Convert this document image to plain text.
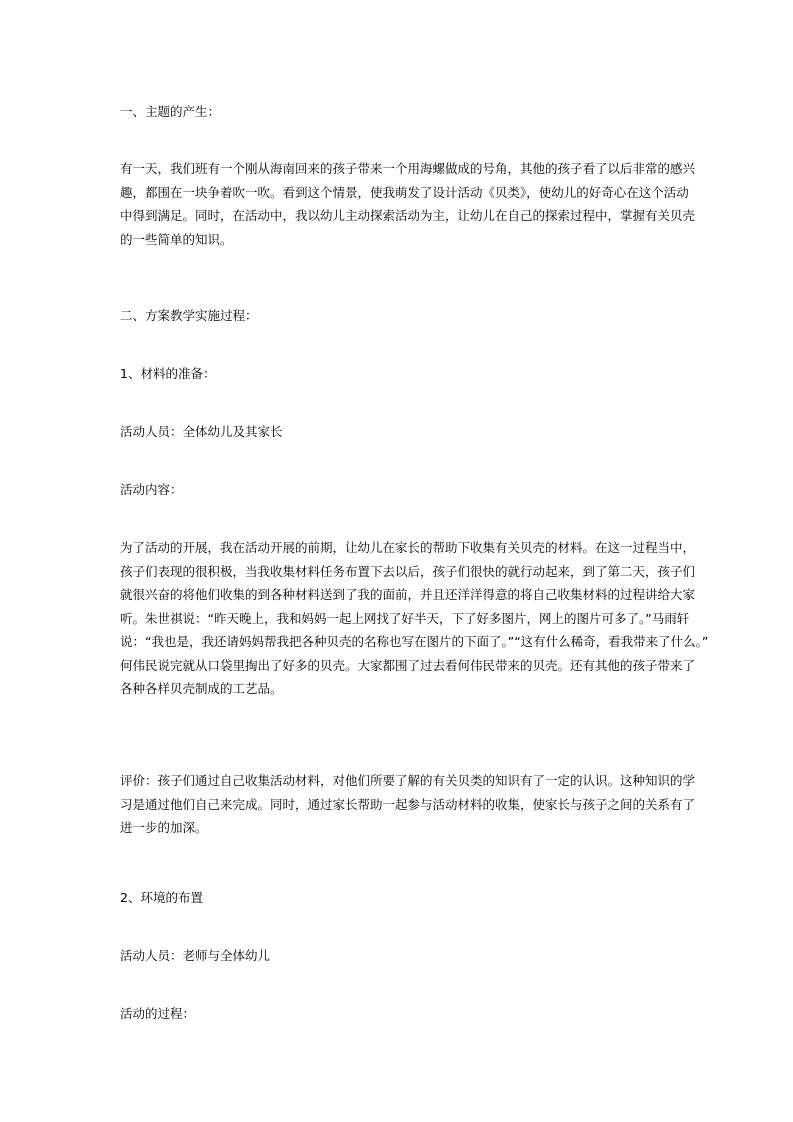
一、主题的产生：
有一天，我们班有一个刚从海南回来的孩子带来一个用海螺做成的号角，其他的孩子看了以后非常的感兴
趣，都围在一块争着吹一吹。看到这个情景，使我萌发了设计活动《贝类》，使幼儿的好奇心在这个活动
中得到满足。同时，在活动中，我以幼儿主动探索活动为主，让幼儿在自己的探索过程中，掌握有关贝壳
的一些简单的知识。
二、方案教学实施过程：
1、材料的准备：
活动人员：全体幼儿及其家长
活动内容：
为了活动的开展，我在活动开展的前期，让幼儿在家长的帮助下收集有关贝壳的材料。在这一过程当中，
孩子们表现的很积极，当我收集材料任务布置下去以后，孩子们很快的就行动起来，到了第二天，孩子们
就很兴奋的将他们收集的到各种材料送到了我的面前，并且还洋洋得意的将自己收集材料的过程讲给大家
听。朱世祺说：“昨天晚上，我和妈妈一起上网找了好半天，下了好多图片，网上的图片可多了。”马雨轩
说：“我也是，我还请妈妈帮我把各种贝壳的名称也写在图片的下面了。”“这有什么稀奇，看我带来了什么。”
何伟民说完就从口袋里掏出了好多的贝壳。大家都围了过去看何伟民带来的贝壳。还有其他的孩子带来了
各种各样贝壳制成的工艺品。
评价：孩子们通过自己收集活动材料，对他们所要了解的有关贝类的知识有了一定的认识。这种知识的学
习是通过他们自己来完成。同时，通过家长帮助一起参与活动材料的收集，使家长与孩子之间的关系有了
进一步的加深。
2、环境的布置
活动人员：老师与全体幼儿
活动的过程：
